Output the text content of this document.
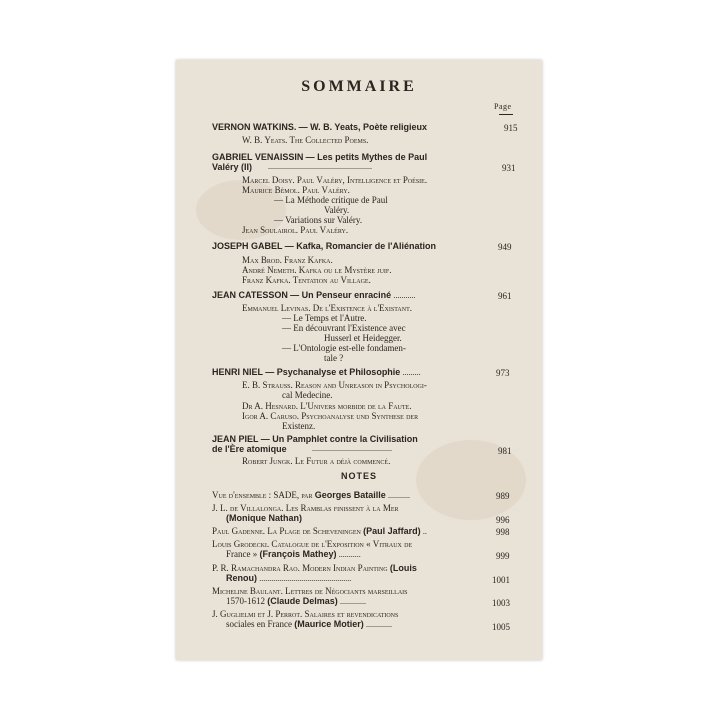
SOMMAIRE
Page
VERNON WATKINS. — W. B. Yeats, Poète religieux	915
W. B. Yeats. The Collected Poems.
GABRIEL VENAISSIN — Les petits Mythes de Paul
Valéry (II) ....................................................	931
Marcel Doisy. Paul Valéry, Intelligence et Poésie.
Maurice Bémol. Paul Valéry.
— La Méthode critique de Paul
Valéry.
— Variations sur Valéry.
Jean Soulairol. Paul Valéry.
JOSEPH GABEL — Kafka, Romancier de l'Aliénation	949
Max Brod. Franz Kafka.
André Nemeth. Kafka ou le Mystère juif.
Franz Kafka. Tentation au Village.
JEAN CATESSON — Un Penseur enraciné ...........	961
Emmanuel Levinas. De l'Existence à l'Existant.
— Le Temps et l'Autre.
— En découvrant l'Existence avec
Husserl et Heidegger.
— L'Ontologie est-elle fondamen-
tale ?
HENRI NIEL — Psychanalyse et Philosophie .........	973
E. B. Strauss. Reason and Unreason in Psychologi-
cal Medecine.
Dr A. Hesnard. L'Univers morbide de la Faute.
Igor A. Caruso. Psychoanalyse und Synthese der
Existenz.
JEAN PIEL — Un Pamphlet contre la Civilisation
de l'Ère atomique	........................................	981
Robert Jungk. Le Futur a déjà commencé.
NOTES
Vue d'ensemble : SADE, par Georges Bataille ...........	989
J. L. de Villalonga. Les Ramblas finissent à la Mer
(Monique Nathan)	996
Paul Gadenne. La Plage de Scheveningen (Paul Jaffard) ..	998
Louis Grodecki. Catalogue de l'Exposition « Vitraux de
France » (François Mathey) ...........	999
P. R. Ramachandra Rao. Modern Indian Painting (Louis
Renou) ..............................................	1001
Micheline Baulant. Lettres de Négociants marseillais
1570-1612 (Claude Delmas) .............	1003
J. Guglielmi et J. Perrot. Salaires et revendications
sociales en France (Maurice Motier) .............	1005
